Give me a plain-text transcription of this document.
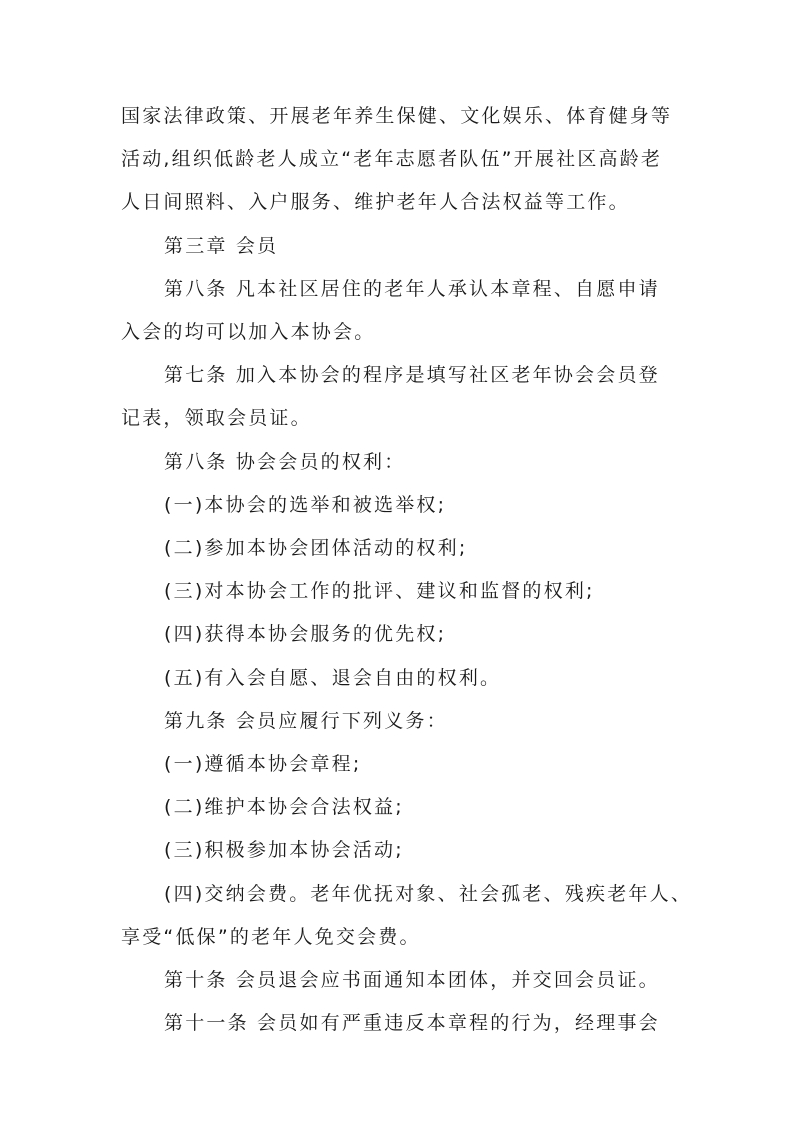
国家法律政策、开展老年养生保健、文化娱乐、体育健身等
活动,组织低龄老人成立“老年志愿者队伍”开展社区高龄老
人日间照料、入户服务、维护老年人合法权益等工作。
第三章 会员
第八条 凡本社区居住的老年人承认本章程、自愿申请
入会的均可以加入本协会。
第七条 加入本协会的程序是填写社区老年协会会员登
记表，领取会员证。
第八条 协会会员的权利：
(一)本协会的选举和被选举权;
(二)参加本协会团体活动的权利;
(三)对本协会工作的批评、建议和监督的权利;
(四)获得本协会服务的优先权;
(五)有入会自愿、退会自由的权利。
第九条 会员应履行下列义务：
(一)遵循本协会章程;
(二)维护本协会合法权益;
(三)积极参加本协会活动;
(四)交纳会费。老年优抚对象、社会孤老、残疾老年人、
享受“低保”的老年人免交会费。
第十条 会员退会应书面通知本团体，并交回会员证。
第十一条 会员如有严重违反本章程的行为，经理事会
